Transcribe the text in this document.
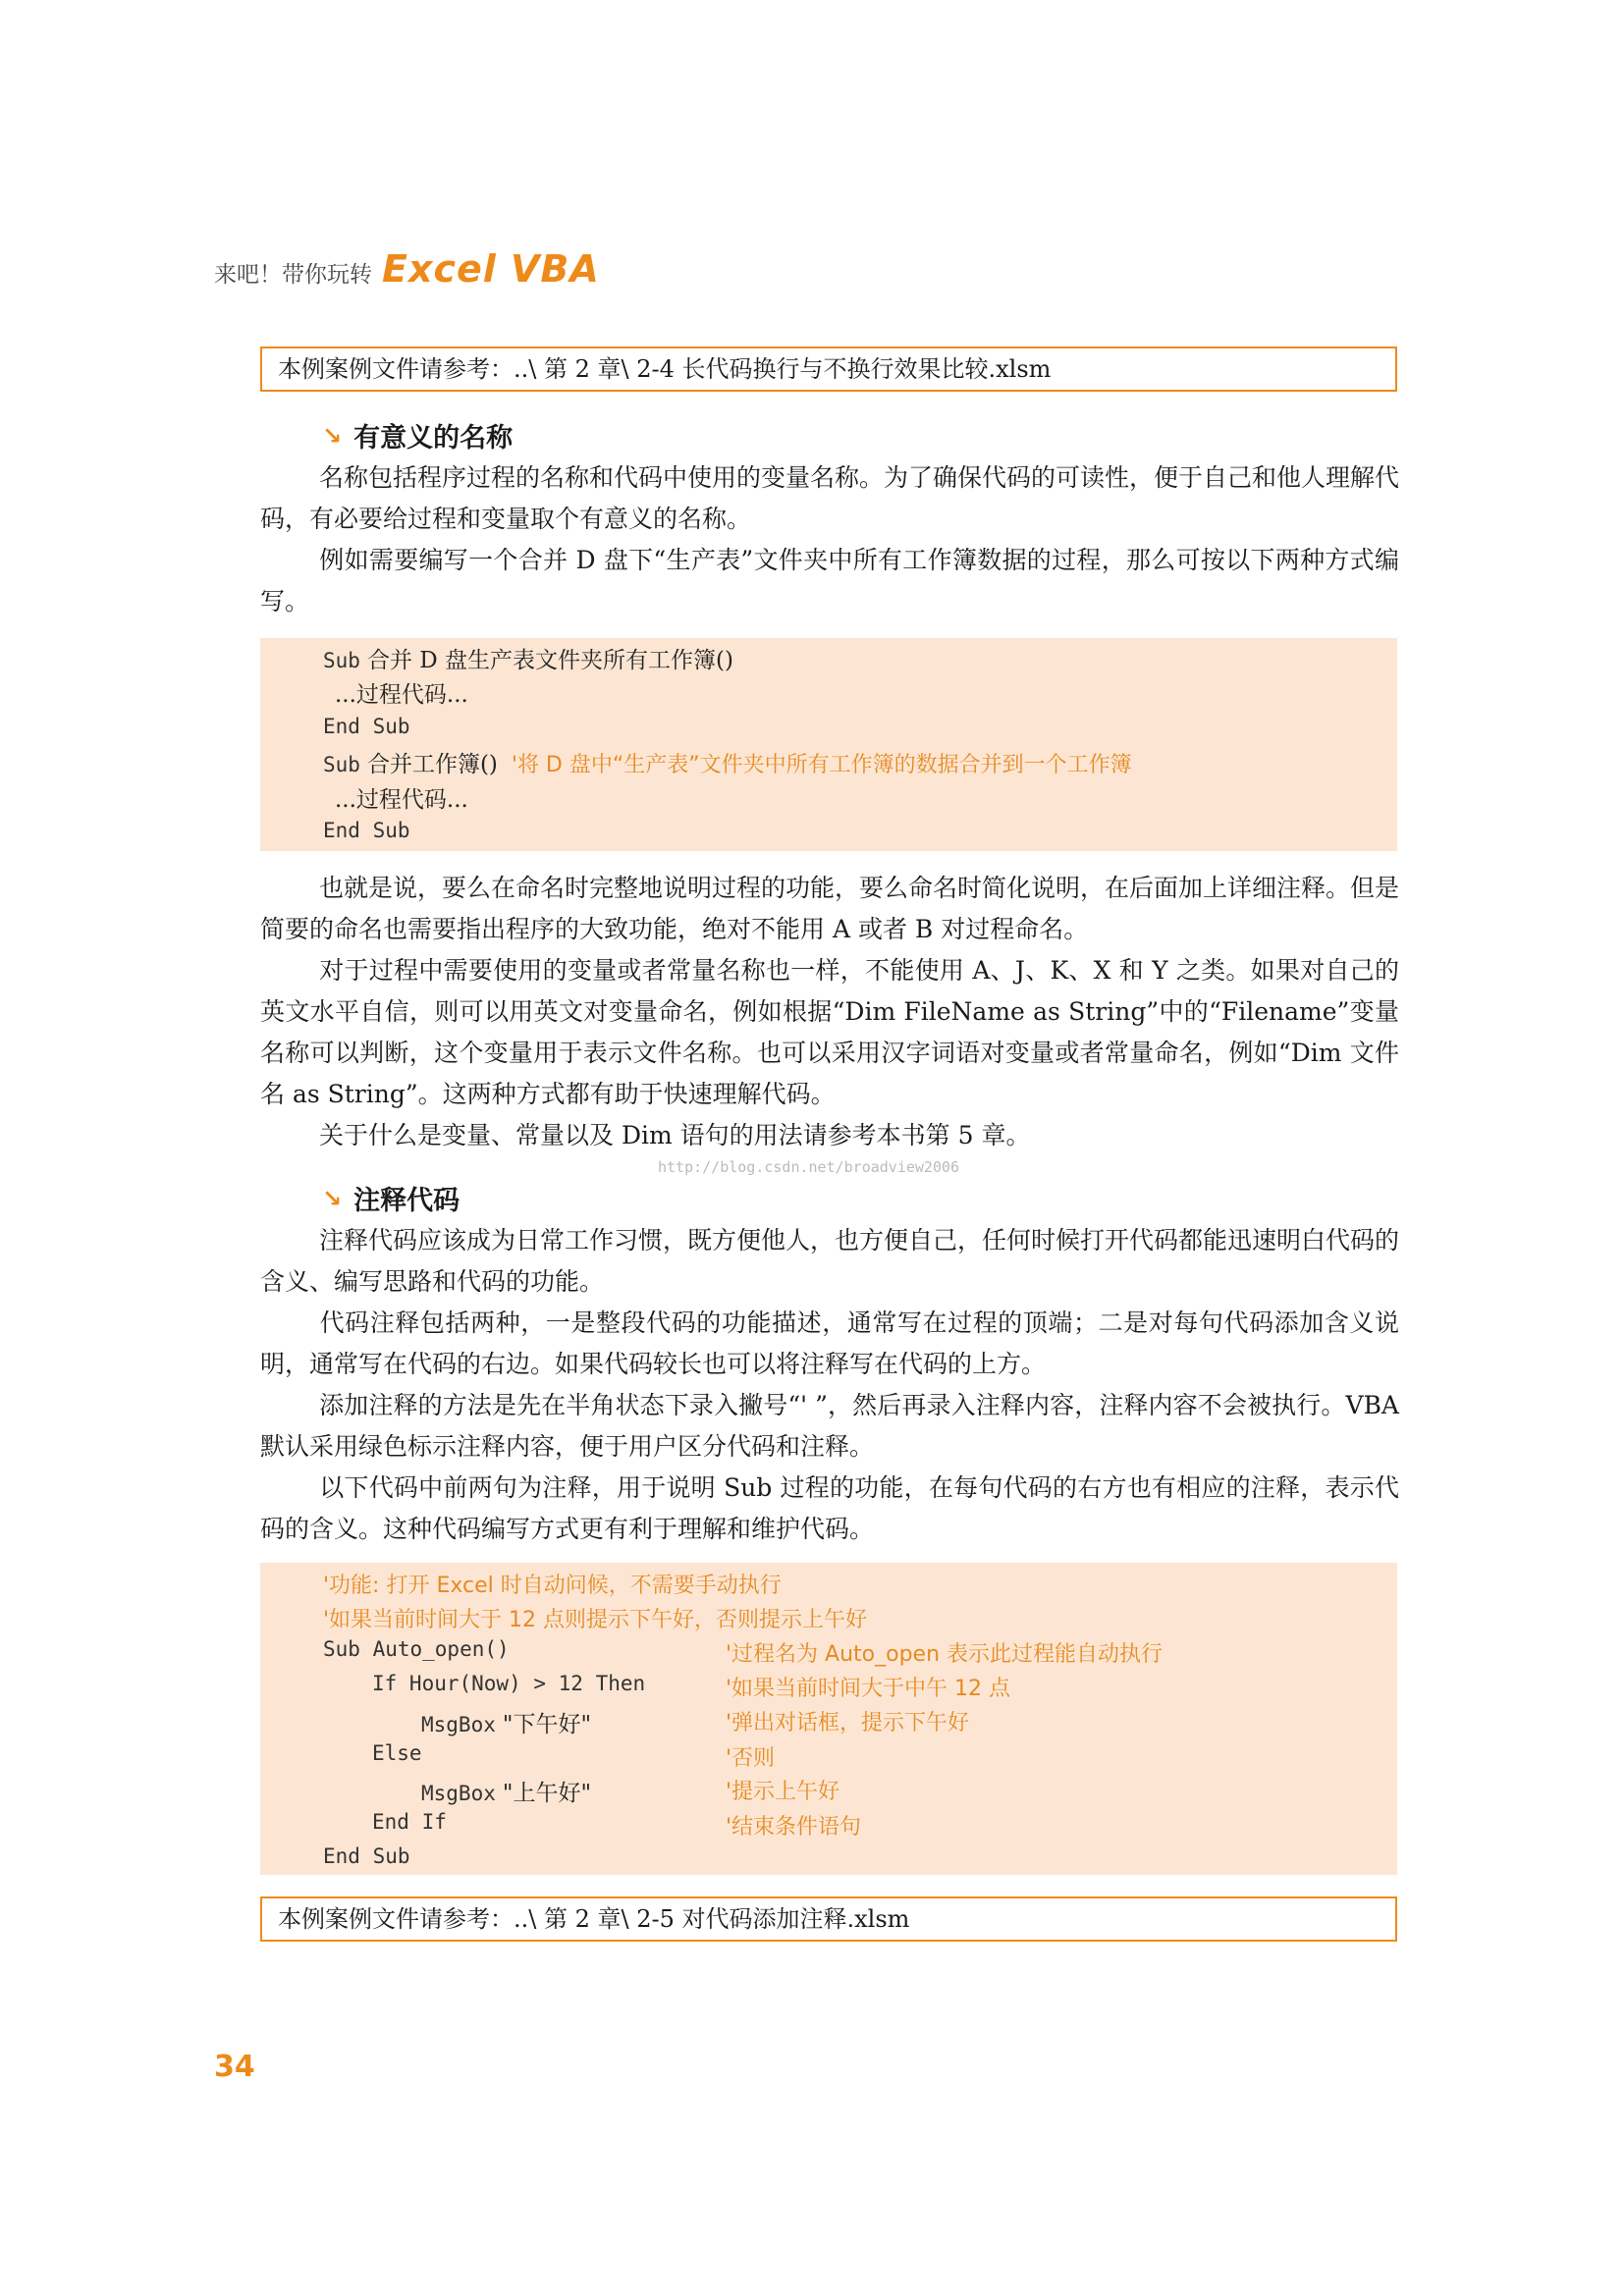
来吧！带你玩转 Excel VBA
本例案例文件请参考：..\ 第 2 章\ 2-4 长代码换行与不换行效果比较.xlsm
↘ 有意义的名称
名称包括程序过程的名称和代码中使用的变量名称。为了确保代码的可读性，便于自己和他人理解代码，有必要给过程和变量取个有意义的名称。
例如需要编写一个合并 D 盘下“生产表”文件夹中所有工作簿数据的过程，那么可按以下两种方式编写。
Sub 合并 D 盘生产表文件夹所有工作簿()
...过程代码...
End Sub
Sub 合并工作簿() '将 D 盘中“生产表”文件夹中所有工作簿的数据合并到一个工作簿
...过程代码...
End Sub
也就是说，要么在命名时完整地说明过程的功能，要么命名时简化说明，在后面加上详细注释。但是简要的命名也需要指出程序的大致功能，绝对不能用 A 或者 B 对过程命名。
对于过程中需要使用的变量或者常量名称也一样，不能使用 A、J、K、X 和 Y 之类。如果对自己的英文水平自信，则可以用英文对变量命名，例如根据“Dim FileName as String”中的“Filename”变量名称可以判断，这个变量用于表示文件名称。也可以采用汉字词语对变量或者常量命名，例如“Dim 文件名 as String”。这两种方式都有助于快速理解代码。
关于什么是变量、常量以及 Dim 语句的用法请参考本书第 5 章。
http://blog.csdn.net/broadview2006
↘ 注释代码
注释代码应该成为日常工作习惯，既方便他人，也方便自己，任何时候打开代码都能迅速明白代码的含义、编写思路和代码的功能。
代码注释包括两种，一是整段代码的功能描述，通常写在过程的顶端；二是对每句代码添加含义说明，通常写在代码的右边。如果代码较长也可以将注释写在代码的上方。
添加注释的方法是先在半角状态下录入撇号“' ”，然后再录入注释内容，注释内容不会被执行。VBA 默认采用绿色标示注释内容，便于用户区分代码和注释。
以下代码中前两句为注释，用于说明 Sub 过程的功能，在每句代码的右方也有相应的注释，表示代码的含义。这种代码编写方式更有利于理解和维护代码。
'功能: 打开 Excel 时自动问候，不需要手动执行
'如果当前时间大于 12 点则提示下午好，否则提示上午好
Sub Auto_open()	'过程名为 Auto_open 表示此过程能自动执行
If Hour(Now) > 12 Then	'如果当前时间大于中午 12 点
MsgBox "下午好"	'弹出对话框，提示下午好
Else	'否则
MsgBox "上午好"	'提示上午好
End If	'结束条件语句
End Sub
本例案例文件请参考：..\ 第 2 章\ 2-5 对代码添加注释.xlsm
34
